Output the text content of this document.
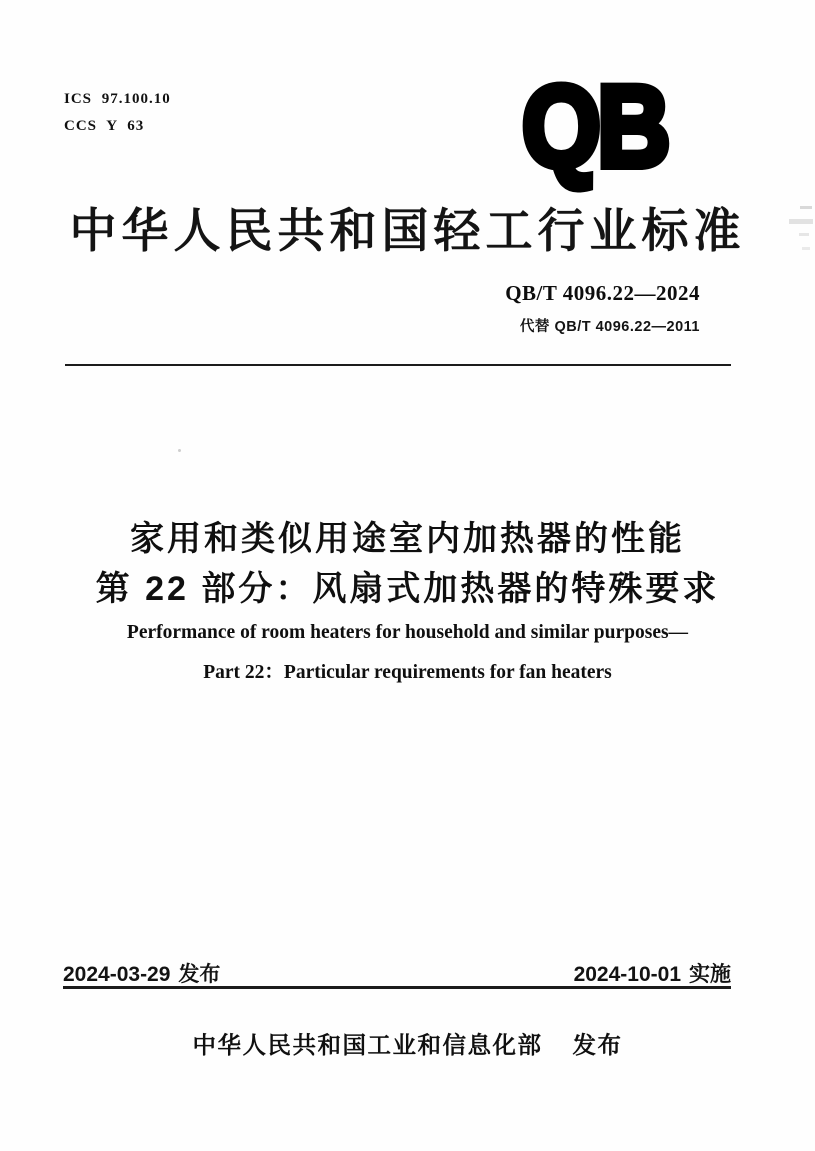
ICS 97.100.10
CCS Y 63	QB
中华人民共和国轻工行业标准
QB/T 4096.22—2024
代替 QB/T 4096.22—2011
家用和类似用途室内加热器的性能
第 22 部分：风扇式加热器的特殊要求
Performance of room heaters for household and similar purposes—
Part 22：Particular requirements for fan heaters
2024-03-29 发布	2024-10-01 实施
中华人民共和国工业和信息化部 发布
